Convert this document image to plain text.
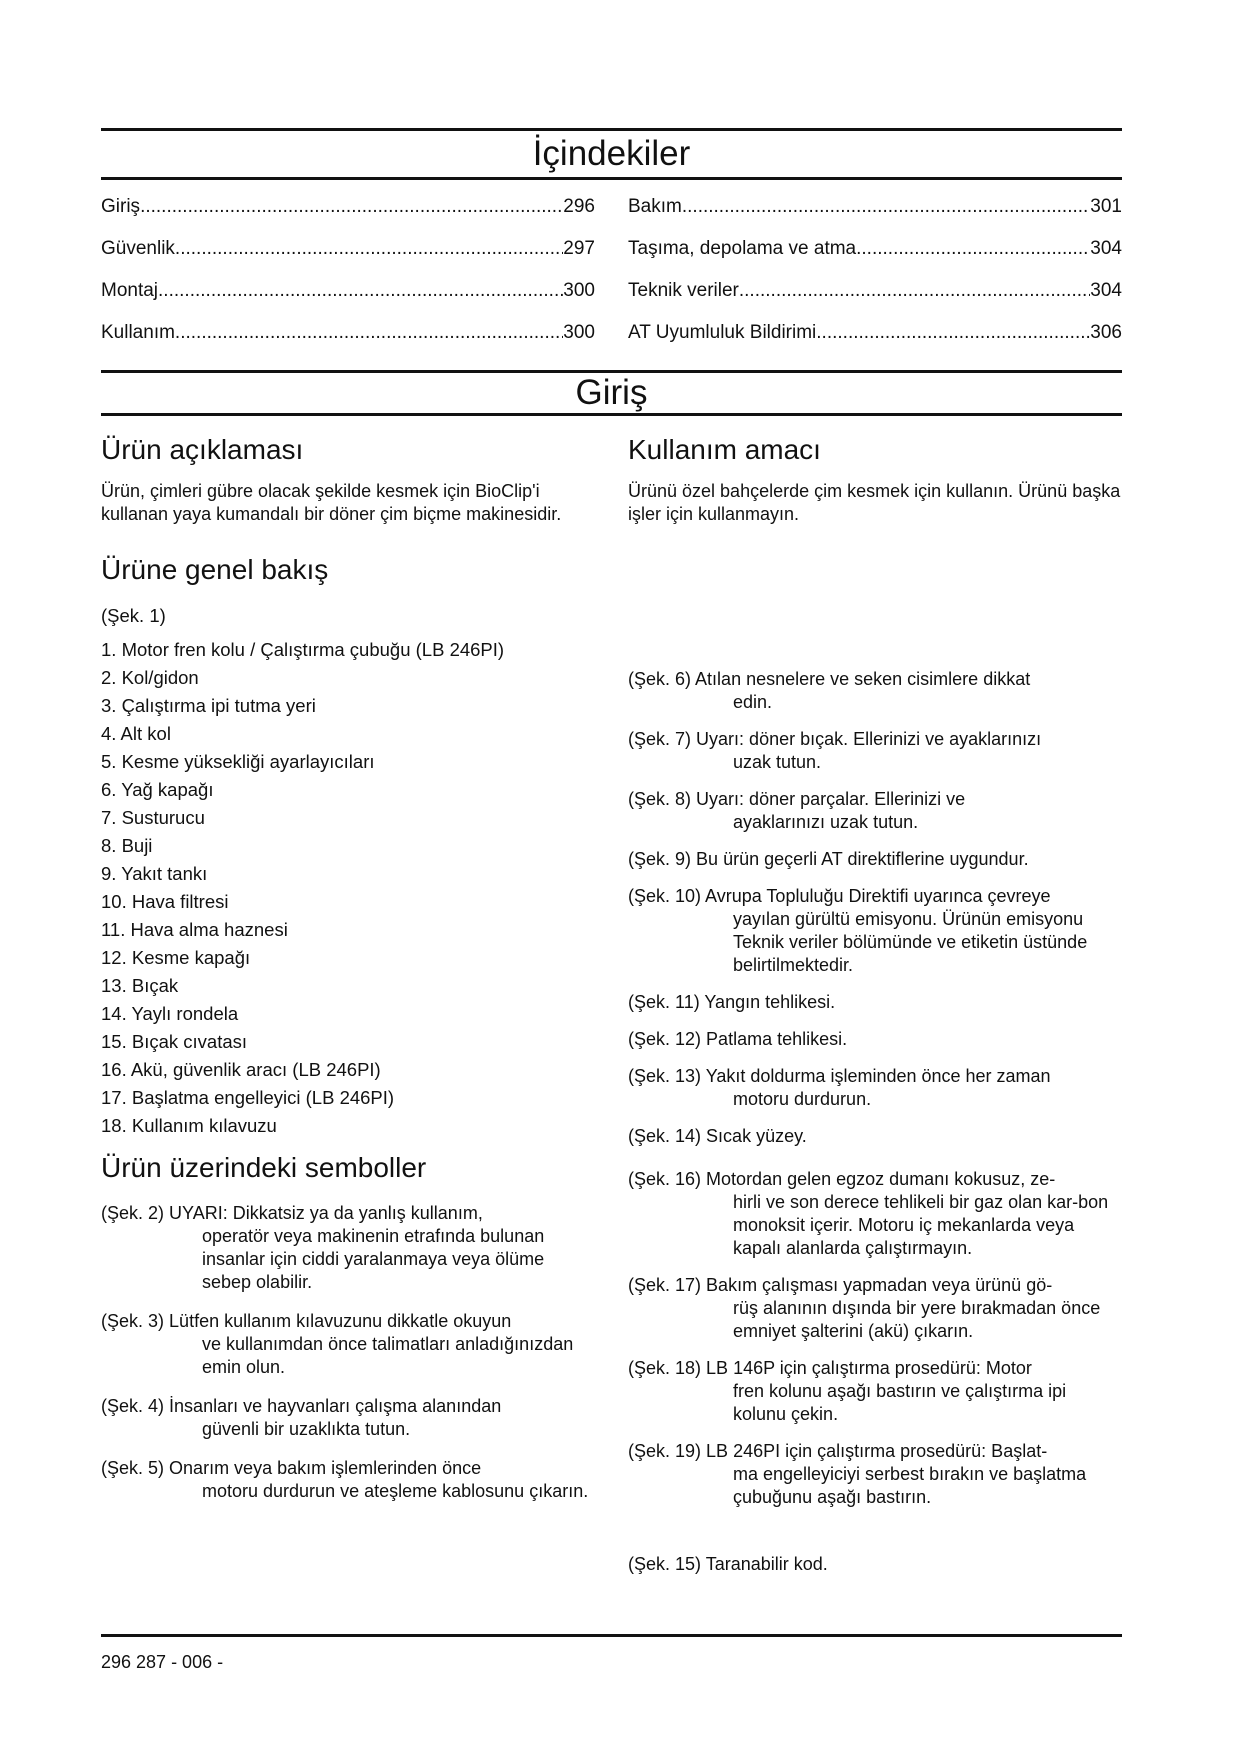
İçindekiler
Giriş .....	296
Güvenlik .....	297
Montaj .....	300
Kullanım .....	300
Bakım .....	301
Taşıma, depolama ve atma .....	304
Teknik veriler .....	304
AT Uyumluluk Bildirimi .....	306
Giriş
Ürün açıklaması

Ürün, çimleri gübre olacak şekilde kesmek için BioClip'i kullanan yaya kumandalı bir döner çim biçme makinesidir.

Ürüne genel bakış

(Şek. 1)

1. Motor fren kolu / Çalıştırma çubuğu (LB 246PI)
2. Kol/gidon
3. Çalıştırma ipi tutma yeri
4. Alt kol
5. Kesme yüksekliği ayarlayıcıları
6. Yağ kapağı
7. Susturucu
8. Buji
9. Yakıt tankı
10. Hava filtresi
11. Hava alma haznesi
12. Kesme kapağı
13. Bıçak
14. Yaylı rondela
15. Bıçak cıvatası
16. Akü, güvenlik aracı (LB 246PI)
17. Başlatma engelleyici (LB 246PI)
18. Kullanım kılavuzu
Ürün üzerindeki semboller
(Şek. 2) UYARI: Dikkatsiz ya da yanlış kullanım,
operatör veya makinenin etrafında bulunan insanlar için ciddi yaralanmaya veya ölüme sebep olabilir.
(Şek. 3) Lütfen kullanım kılavuzunu dikkatle okuyun
ve kullanımdan önce talimatları anladığınızdan emin olun.
(Şek. 4) İnsanları ve hayvanları çalışma alanından
güvenli bir uzaklıkta tutun.
(Şek. 5) Onarım veya bakım işlemlerinden önce
motoru durdurun ve ateşleme kablosunu çıkarın.
Kullanım amacı

Ürünü özel bahçelerde çim kesmek için kullanın. Ürünü başka işler için kullanmayın.

(Şek. 6) Atılan nesnelere ve seken cisimlere dikkat
edin.
(Şek. 7) Uyarı: döner bıçak. Ellerinizi ve ayaklarınızı
uzak tutun.
(Şek. 8) Uyarı: döner parçalar. Ellerinizi ve
ayaklarınızı uzak tutun.
(Şek. 9) Bu ürün geçerli AT direktiflerine uygundur.
(Şek. 10) Avrupa Topluluğu Direktifi uyarınca çevreye
yayılan gürültü emisyonu. Ürünün emisyonu Teknik veriler bölümünde ve etiketin üstünde belirtilmektedir.
(Şek. 11) Yangın tehlikesi.
(Şek. 12) Patlama tehlikesi.
(Şek. 13) Yakıt doldurma işleminden önce her zaman
motoru durdurun.
(Şek. 14) Sıcak yüzey.
(Şek. 16) Motordan gelen egzoz dumanı kokusuz, ze-
hirli ve son derece tehlikeli bir gaz olan kar-bon monoksit içerir. Motoru iç mekanlarda veya kapalı alanlarda çalıştırmayın.
(Şek. 17) Bakım çalışması yapmadan veya ürünü gö-
rüş alanının dışında bir yere bırakmadan önce emniyet şalterini (akü) çıkarın.
(Şek. 18) LB 146P için çalıştırma prosedürü: Motor
fren kolunu aşağı bastırın ve çalıştırma ipi kolunu çekin.
(Şek. 19) LB 246PI için çalıştırma prosedürü: Başlat-
ma engelleyiciyi serbest bırakın ve başlatma çubuğunu aşağı bastırın.
(Şek. 15) Taranabilir kod.
296 287 - 006 -
